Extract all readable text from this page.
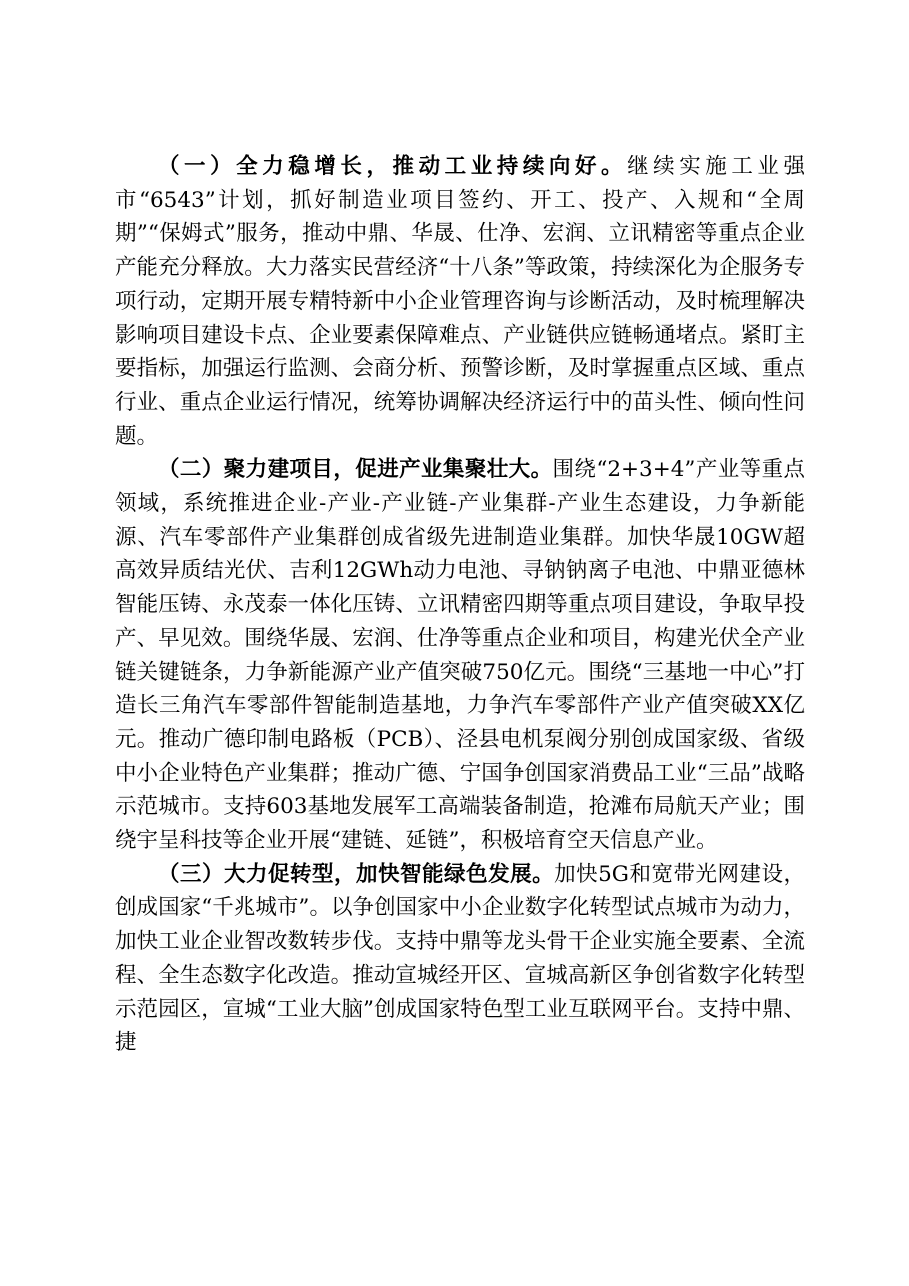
（一）全力稳增长，推动工业持续向好。继续实施工业强市“6543”计划，抓好制造业项目签约、开工、投产、入规和“全周期”“保姆式”服务，推动中鼎、华晟、仕净、宏润、立讯精密等重点企业产能充分释放。大力落实民营经济“十八条”等政策，持续深化为企服务专项行动，定期开展专精特新中小企业管理咨询与诊断活动，及时梳理解决影响项目建设卡点、企业要素保障难点、产业链供应链畅通堵点。紧盯主要指标，加强运行监测、会商分析、预警诊断，及时掌握重点区域、重点行业、重点企业运行情况，统筹协调解决经济运行中的苗头性、倾向性问题。

（二）聚力建项目，促进产业集聚壮大。围绕“2+3+4”产业等重点领域，系统推进企业-产业-产业链-产业集群-产业生态建设，力争新能源、汽车零部件产业集群创成省级先进制造业集群。加快华晟10GW超高效异质结光伏、吉利12GWh动力电池、寻钠钠离子电池、中鼎亚德林智能压铸、永茂泰一体化压铸、立讯精密四期等重点项目建设，争取早投产、早见效。围绕华晟、宏润、仕净等重点企业和项目，构建光伏全产业链关键链条，力争新能源产业产值突破750亿元。围绕“三基地一中心”打造长三角汽车零部件智能制造基地，力争汽车零部件产业产值突破XX亿元。推动广德印制电路板（PCB）、泾县电机泵阀分别创成国家级、省级中小企业特色产业集群；推动广德、宁国争创国家消费品工业“三品”战略示范城市。支持603基地发展军工高端装备制造，抢滩布局航天产业；围绕宇呈科技等企业开展“建链、延链”，积极培育空天信息产业。

（三）大力促转型，加快智能绿色发展。加快5G和宽带光网建设，创成国家“千兆城市”。以争创国家中小企业数字化转型试点城市为动力，加快工业企业智改数转步伐。支持中鼎等龙头骨干企业实施全要素、全流程、全生态数字化改造。推动宣城经开区、宣城高新区争创省数字化转型示范园区，宣城“工业大脑”创成国家特色型工业互联网平台。支持中鼎、捷
